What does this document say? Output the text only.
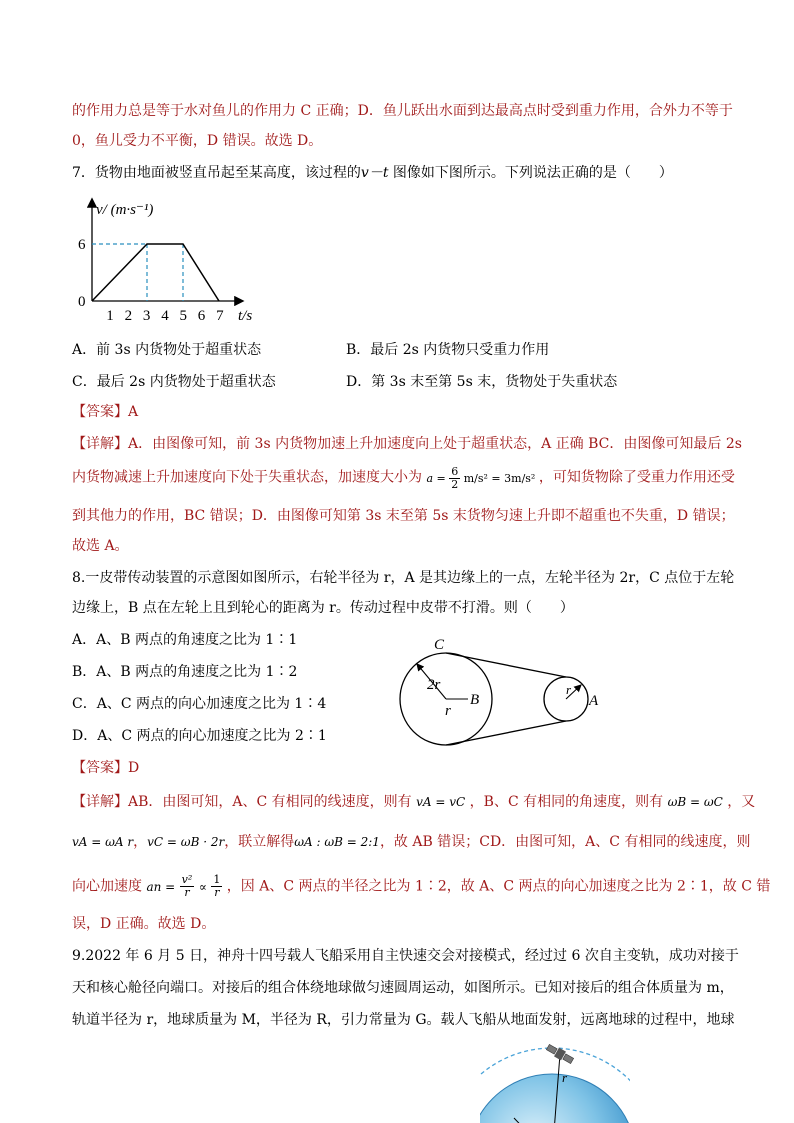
的作用力总是等于水对鱼儿的作用力 C 正确；D．鱼儿跃出水面到达最高点时受到重力作用，合外力不等于
0，鱼儿受力不平衡，D 错误。故选 D。
7．货物由地面被竖直吊起至某高度，该过程的v－t 图像如下图所示。下列说法正确的是（　　）
v/ (m·s⁻¹)
6
0
1 2 3 4 5 6 7 t/s
A．前 3s 内货物处于超重状态	B．最后 2s 内货物只受重力作用
C．最后 2s 内货物处于超重状态	D．第 3s 末至第 5s 末，货物处于失重状态
【答案】A
【详解】A．由图像可知，前 3s 内货物加速上升加速度向上处于超重状态，A 正确 BC．由图像可知最后 2s
内货物减速上升加速度向下处于失重状态，加速度大小为 $a = \frac{6}{2} m/s^2 = 3m/s^2$ ，可知货物除了受重力作用还受
到其他力的作用，BC 错误；D．由图像可知第 3s 末至第 5s 末货物匀速上升即不超重也不失重，D 错误；
故选 A。
8.一皮带传动装置的示意图如图所示，右轮半径为 r，A 是其边缘上的一点，左轮半径为 2r，C 点位于左轮
边缘上，B 点在左轮上且到轮心的距离为 r。传动过程中皮带不打滑。则（　　）
A．A、B 两点的角速度之比为 1∶1
B．A、B 两点的角速度之比为 1∶2
C．A、C 两点的向心加速度之比为 1∶4
D．A、C 两点的向心加速度之比为 2∶1
C
2r
r
B
r
A
【答案】D
【详解】AB．由图可知，A、C 有相同的线速度，则有 vA = vC ，B、C 有相同的角速度，则有 ωB = ωC ，又
vA = ωA r，vC = ωB · 2r，联立解得ωA : ωB = 2:1，故 AB 错误；CD．由图可知，A、C 有相同的线速度，则
向心加速度 an = $\frac{\text{v²}}{r} \propto \frac{1}{r}$ ，因 A、C 两点的半径之比为 1∶2，故 A、C 两点的向心加速度之比为 2∶1，故 C 错
误，D 正确。故选 D。
9.2022 年 6 月 5 日，神舟十四号载人飞船采用自主快速交会对接模式，经过过 6 次自主变轨，成功对接于
天和核心舱径向端口。对接后的组合体绕地球做匀速圆周运动，如图所示。已知对接后的组合体质量为 m，
轨道半径为 r，地球质量为 M，半径为 R，引力常量为 G。载人飞船从地面发射，远离地球的过程中，地球
r
